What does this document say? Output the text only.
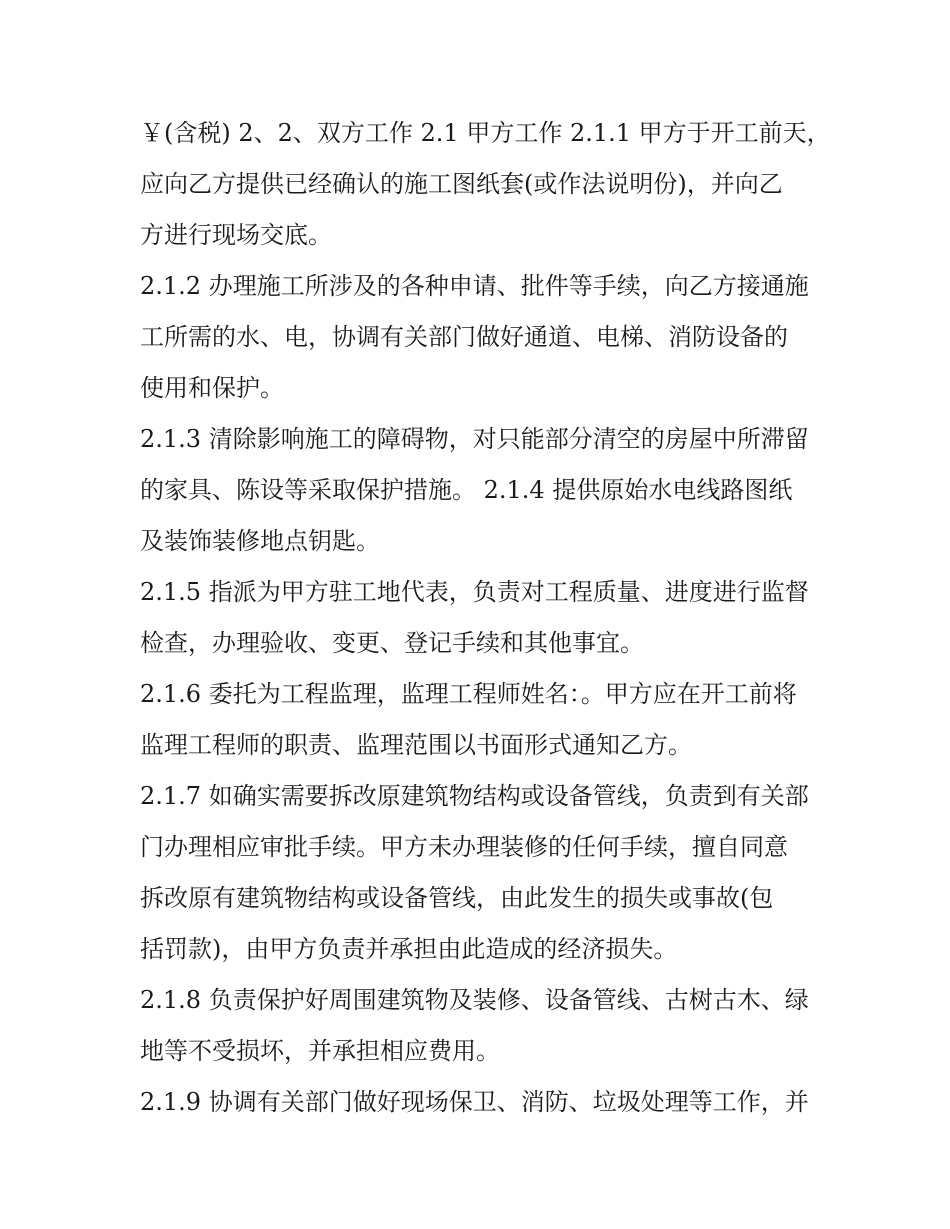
￥(含税) 2、2、双方工作 2.1 甲方工作 2.1.1 甲方于开工前天，
应向乙方提供已经确认的施工图纸套(或作法说明份)，并向乙
方进行现场交底。
2.1.2 办理施工所涉及的各种申请、批件等手续，向乙方接通施
工所需的水、电，协调有关部门做好通道、电梯、消防设备的
使用和保护。
2.1.3 清除影响施工的障碍物，对只能部分清空的房屋中所滞留
的家具、陈设等采取保护措施。 2.1.4 提供原始水电线路图纸
及装饰装修地点钥匙。
2.1.5 指派为甲方驻工地代表，负责对工程质量、进度进行监督
检查，办理验收、变更、登记手续和其他事宜。
2.1.6 委托为工程监理，监理工程师姓名：。甲方应在开工前将
监理工程师的职责、监理范围以书面形式通知乙方。
2.1.7 如确实需要拆改原建筑物结构或设备管线，负责到有关部
门办理相应审批手续。甲方未办理装修的任何手续，擅自同意
拆改原有建筑物结构或设备管线，由此发生的损失或事故(包
括罚款)，由甲方负责并承担由此造成的经济损失。
2.1.8 负责保护好周围建筑物及装修、设备管线、古树古木、绿
地等不受损坏，并承担相应费用。
2.1.9 协调有关部门做好现场保卫、消防、垃圾处理等工作，并
